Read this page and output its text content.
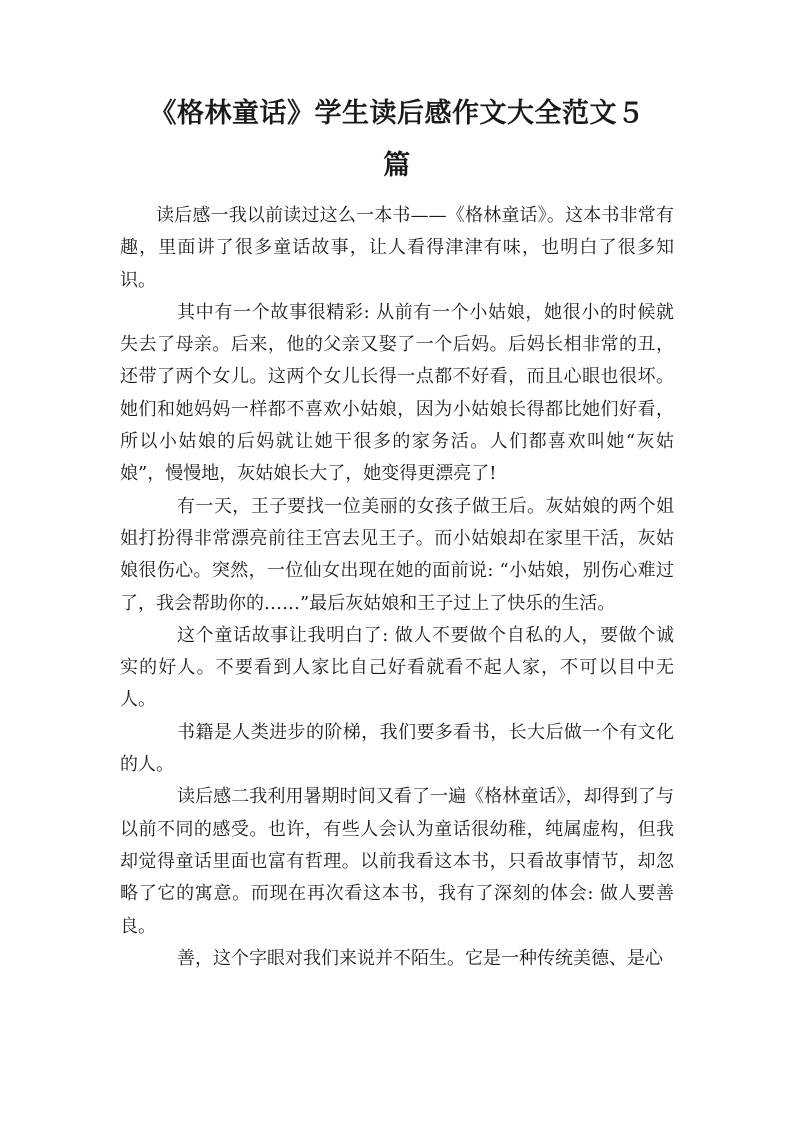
《格林童话》学生读后感作文大全范文５
篇

读后感一我以前读过这么一本书——《格林童话》。这本书非常有趣，里面讲了很多童话故事，让人看得津津有味，也明白了很多知识。

其中有一个故事很精彩: 从前有一个小姑娘，她很小的时候就失去了母亲。后来，他的父亲又娶了一个后妈。后妈长相非常的丑，还带了两个女儿。这两个女儿长得一点都不好看，而且心眼也很坏。她们和她妈妈一样都不喜欢小姑娘，因为小姑娘长得都比她们好看，所以小姑娘的后妈就让她干很多的家务活。人们都喜欢叫她“灰姑娘”，慢慢地，灰姑娘长大了，她变得更漂亮了!

有一天，王子要找一位美丽的女孩子做王后。灰姑娘的两个姐姐打扮得非常漂亮前往王宫去见王子。而小姑娘却在家里干活，灰姑娘很伤心。突然，一位仙女出现在她的面前说: “小姑娘，别伤心难过了，我会帮助你的……”最后灰姑娘和王子过上了快乐的生活。

这个童话故事让我明白了: 做人不要做个自私的人，要做个诚实的好人。不要看到人家比自己好看就看不起人家，不可以目中无人。

书籍是人类进步的阶梯，我们要多看书，长大后做一个有文化的人。

读后感二我利用暑期时间又看了一遍《格林童话》，却得到了与以前不同的感受。也许，有些人会认为童话很幼稚，纯属虚构，但我却觉得童话里面也富有哲理。以前我看这本书，只看故事情节，却忽略了它的寓意。而现在再次看这本书，我有了深刻的体会: 做人要善良。

善，这个字眼对我们来说并不陌生。它是一种传统美德、是心
